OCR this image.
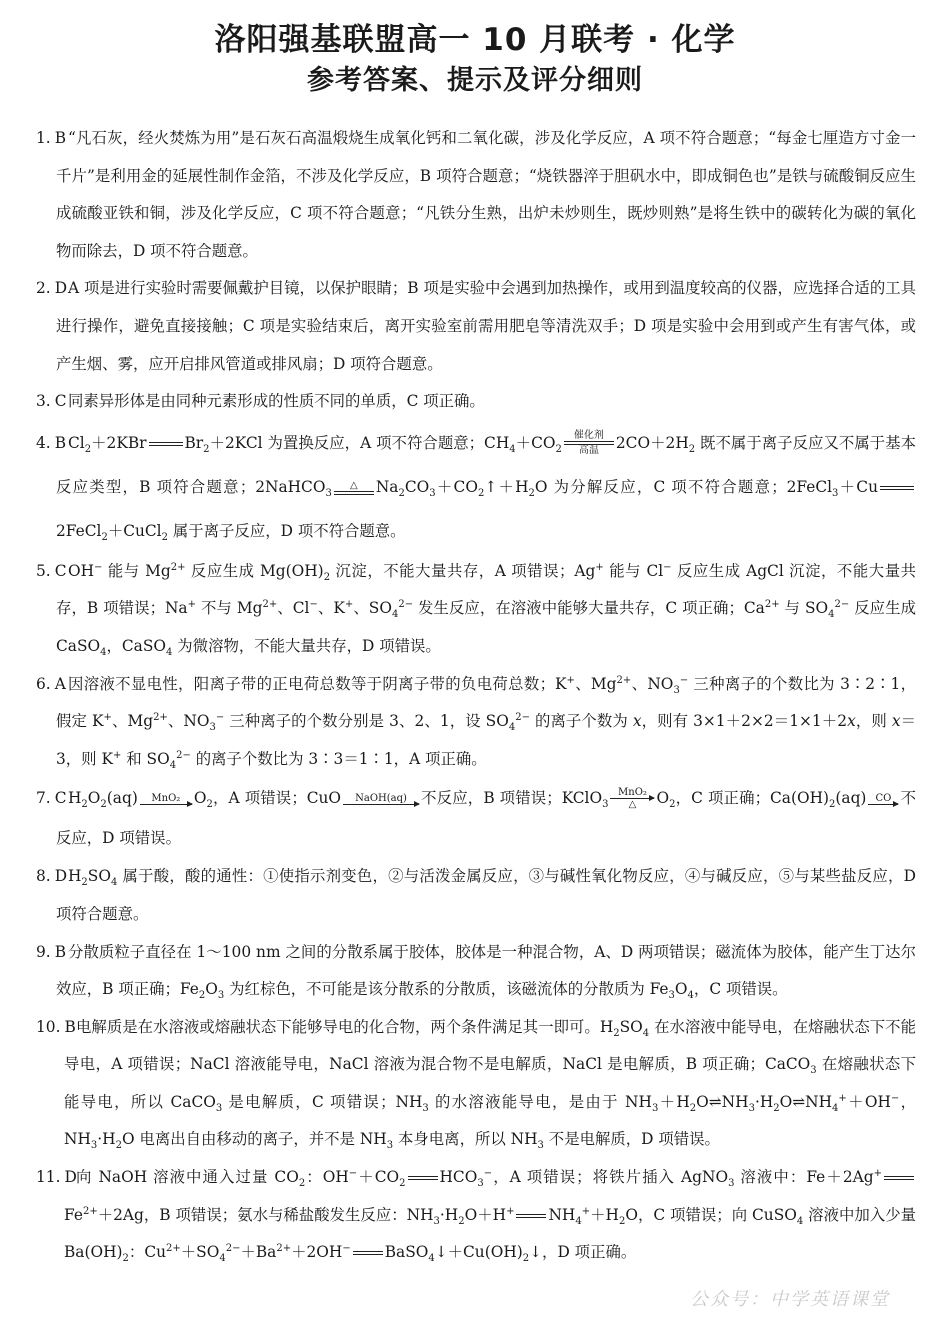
洛阳强基联盟高一 10 月联考 · 化学
参考答案、提示及评分细则
1. B “凡石灰，经火焚炼为用”是石灰石高温煅烧生成氧化钙和二氧化碳，涉及化学反应，A 项不符合题意；“每金七厘造方寸金一千片”是利用金的延展性制作金箔，不涉及化学反应，B 项符合题意；“烧铁器淬于胆矾水中，即成铜色也”是铁与硫酸铜反应生成硫酸亚铁和铜，涉及化学反应，C 项不符合题意；“凡铁分生熟，出炉未炒则生，既炒则熟”是将生铁中的碳转化为碳的氧化物而除去，D 项不符合题意。
2. D A 项是进行实验时需要佩戴护目镜，以保护眼睛；B 项是实验中会遇到加热操作，或用到温度较高的仪器，应选择合适的工具进行操作，避免直接接触；C 项是实验结束后，离开实验室前需用肥皂等清洗双手；D 项是实验中会用到或产生有害气体，或产生烟、雾，应开启排风管道或排风扇；D 项符合题意。
3. C 同素异形体是由同种元素形成的性质不同的单质，C 项正确。
4. B $Cl_2+2KBr$ $Br_2+2KCl$ 为置换反应，A 项不符合题意；$CH_4+CO_2$
催化剂
高温	$2CO+2H_2$ 既不属于离子反应又不属于基本反应类型，B 项符合题意；2NaHCO$_3$
△	$Na_2CO_3+CO_2↑+H_2O$ 为分解反应，C 项不符合题意；2FeCl$_3$＋Cu
2FeCl$_2$＋CuCl$_2$ 属于离子反应，D 项不符合题意。
5. C OH− 能与 $Mg^{2+}$ 反应生成 $Mg(OH)_2$ 沉淀，不能大量共存，A 项错误；Ag+ 能与 Cl− 反应生成 AgCl 沉淀，不能大量共存，B 项错误；Na+ 不与 $Mg^{2+}$、Cl−、K+、$SO_4^{2-}$ 发生反应，在溶液中能够大量共存，C 项正确；$Ca^{2+}$ 与 $SO_4^{2-}$ 反应生成 CaSO$_4$，CaSO$_4$ 为微溶物，不能大量共存，D 项错误。
6. A 因溶液不显电性，阳离子带的正电荷总数等于阴离子带的负电荷总数；K+、$Mg^{2+}$、$NO_3^-$ 三种离子的个数比为 3∶2∶1，假定 K+、$Mg^{2+}$、$NO_3^-$ 三种离子的个数分别是 3、2、1，设 $SO_4^{2-}$ 的离子个数为 x，则有 3×1＋2×2＝1×1＋2x，则 x＝3，则 K+ 和 $SO_4^{2-}$ 的离子个数比为 3∶3＝1∶1，A 项正确。
7. C $H_2O_2(aq)$	MnO₂ $O_2$，A 项错误；CuO	NaOH(aq) 不反应，B 项错误；KClO$_3$
MnO₂
△	$O_2$，C 项正确；$Ca(OH)_2(aq)$ CO 不反应，D 项错误。
8. D $H_2SO_4$ 属于酸，酸的通性：①使指示剂变色，②与活泼金属反应，③与碱性氧化物反应，④与碱反应，⑤与某些盐反应，D 项符合题意。
9. B 分散质粒子直径在 1～100 nm 之间的分散系属于胶体，胶体是一种混合物，A、D 两项错误；磁流体为胶体，能产生丁达尔效应，B 项正确；$Fe_2O_3$ 为红棕色，不可能是该分散系的分散质，该磁流体的分散质为 $Fe_3O_4$，C 项错误。
10. B 电解质是在水溶液或熔融状态下能够导电的化合物，两个条件满足其一即可。$H_2SO_4$ 在水溶液中能导电，在熔融状态下不能导电，A 项错误；NaCl 溶液能导电，NaCl 溶液为混合物不是电解质，NaCl 是电解质，B 项正确；CaCO$_3$ 在熔融状态下能导电，所以 CaCO$_3$ 是电解质，C 项错误；$NH_3$ 的水溶液能导电，是由于 $NH_3+H_2O\rightleftharpoons NH_3\cdot H_2O\rightleftharpoons NH_4^++OH^-$，$NH_3\cdot H_2O$ 电离出自由移动的离子，并不是 $NH_3$ 本身电离，所以 $NH_3$ 不是电解质，D 项错误。
11. D 向 NaOH 溶液中通入过量 $CO_2$：$OH^-+CO_2$ $HCO_3^-$，A 项错误；将铁片插入 AgNO$_3$ 溶液中：Fe＋2Ag+
$Fe^{2+}+2Ag$，B 项错误；氨水与稀盐酸发生反应：$NH_3\cdot H_2O+H^+$ $NH_4^++H_2O$，C 项错误；向 CuSO$_4$ 溶液中加入少量 $Ba(OH)_2$：$Cu^{2+}+SO_4^{2-}+Ba^{2+}+2OH^-$ $BaSO_4↓+Cu(OH)_2↓$，D 项正确。
公众号：中学英语课堂
